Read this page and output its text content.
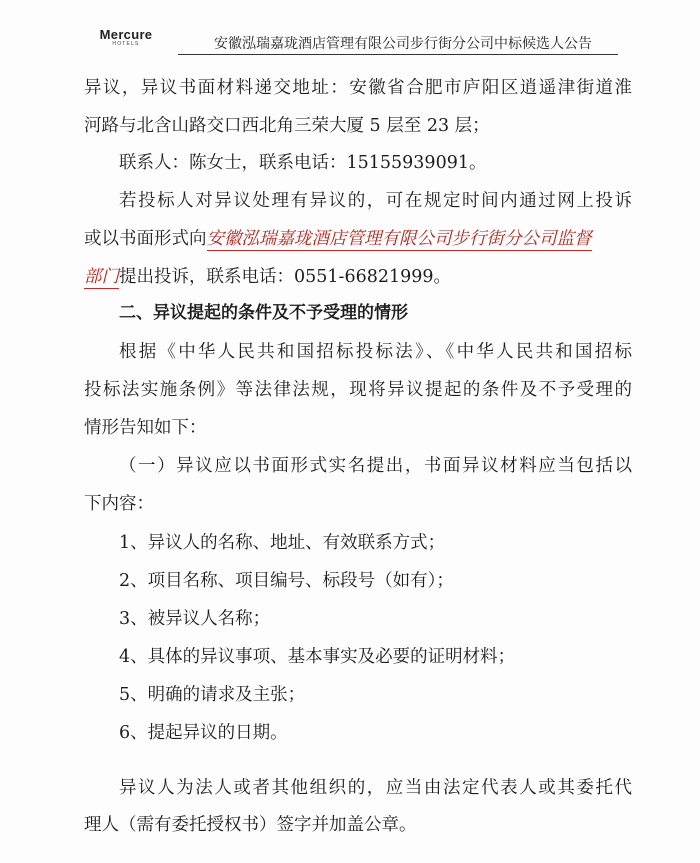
Mercure
HOTELS	安徽泓瑞嘉珑酒店管理有限公司步行街分公司中标候选人公告
异议，异议书面材料递交地址：安徽省合肥市庐阳区逍遥津街道淮
河路与北含山路交口西北角三荣大厦 5 层至 23 层；
联系人：陈女士，联系电话：15155939091。
若投标人对异议处理有异议的，可在规定时间内通过网上投诉
或以书面形式向安徽泓瑞嘉珑酒店管理有限公司步行街分公司监督
部门提出投诉，联系电话：0551-66821999。
二、异议提起的条件及不予受理的情形
根据《中华人民共和国招标投标法》、《中华人民共和国招标
投标法实施条例》等法律法规，现将异议提起的条件及不予受理的
情形告知如下：
（一）异议应以书面形式实名提出，书面异议材料应当包括以
下内容：
1、异议人的名称、地址、有效联系方式；
2、项目名称、项目编号、标段号（如有）；
3、被异议人名称；
4、具体的异议事项、基本事实及必要的证明材料；
5、明确的请求及主张；
6、提起异议的日期。
异议人为法人或者其他组织的，应当由法定代表人或其委托代
理人（需有委托授权书）签字并加盖公章。
